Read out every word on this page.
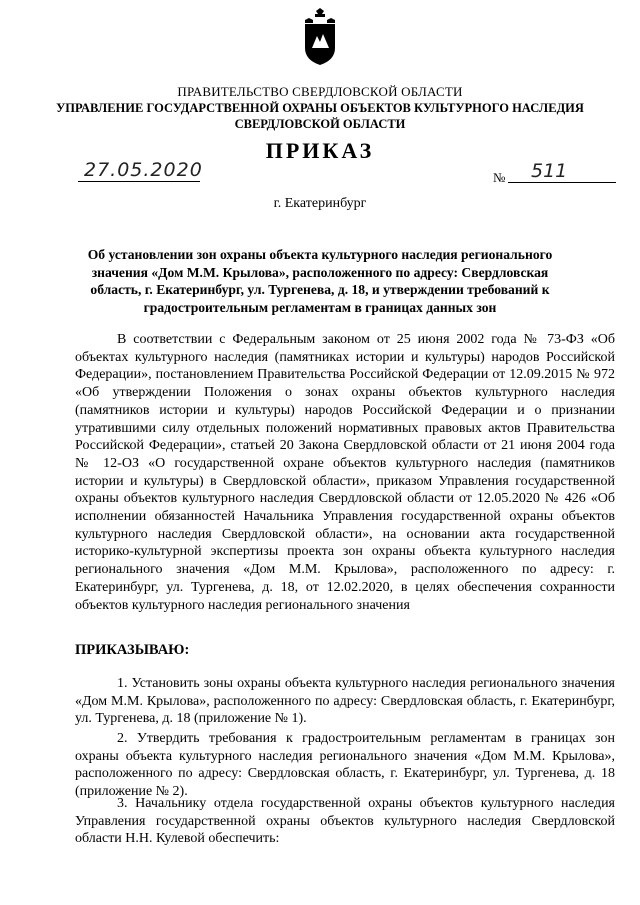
ПРАВИТЕЛЬСТВО СВЕРДЛОВСКОЙ ОБЛАСТИ
УПРАВЛЕНИЕ ГОСУДАРСТВЕННОЙ ОХРАНЫ ОБЪЕКТОВ КУЛЬТУРНОГО НАСЛЕДИЯ СВЕРДЛОВСКОЙ ОБЛАСТИ
ПРИКАЗ
27.05.2020	№ 511
г. Екатеринбург
Об установлении зон охраны объекта культурного наследия регионального значения «Дом М.М. Крылова», расположенного по адресу: Свердловская область, г. Екатеринбург, ул. Тургенева, д. 18, и утверждении требований к градостроительным регламентам в границах данных зон
В соответствии с Федеральным законом от 25 июня 2002 года № 73-ФЗ «Об объектах культурного наследия (памятниках истории и культуры) народов Российской Федерации», постановлением Правительства Российской Федерации от 12.09.2015 № 972 «Об утверждении Положения о зонах охраны объектов культурного наследия (памятников истории и культуры) народов Российской Федерации и о признании утратившими силу отдельных положений нормативных правовых актов Правительства Российской Федерации», статьей 20 Закона Свердловской области от 21 июня 2004 года № 12-ОЗ «О государственной охране объектов культурного наследия (памятников истории и культуры) в Свердловской области», приказом Управления государственной охраны объектов культурного наследия Свердловской области от 12.05.2020 № 426 «Об исполнении обязанностей Начальника Управления государственной охраны объектов культурного наследия Свердловской области», на основании акта государственной историко-культурной экспертизы проекта зон охраны объекта культурного наследия регионального значения «Дом М.М. Крылова», расположенного по адресу: г. Екатеринбург, ул. Тургенева, д. 18, от 12.02.2020, в целях обеспечения сохранности объектов культурного наследия регионального значения
ПРИКАЗЫВАЮ:
1. Установить зоны охраны объекта культурного наследия регионального значения «Дом М.М. Крылова», расположенного по адресу: Свердловская область, г. Екатеринбург, ул. Тургенева, д. 18 (приложение № 1).
2. Утвердить требования к градостроительным регламентам в границах зон охраны объекта культурного наследия регионального значения «Дом М.М. Крылова», расположенного по адресу: Свердловская область, г. Екатеринбург, ул. Тургенева, д. 18 (приложение № 2).
3. Начальнику отдела государственной охраны объектов культурного наследия Управления государственной охраны объектов культурного наследия Свердловской области Н.Н. Кулевой обеспечить:
